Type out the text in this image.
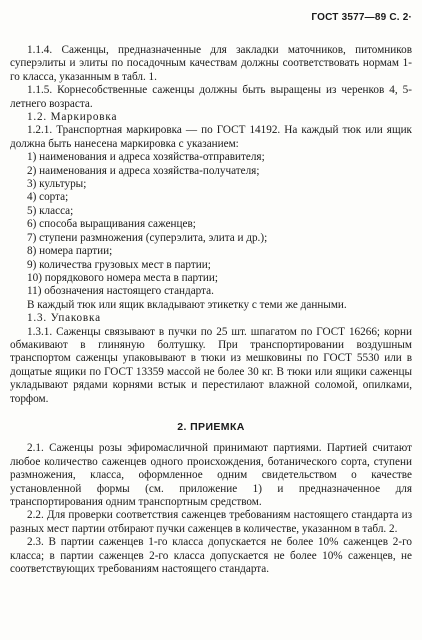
ГОСТ 3577—89 С. 2·

1.1.4. Саженцы, предназначенные для закладки маточников, питомников суперэлиты и элиты по посадочным качествам должны соответствовать нормам 1-го класса, указанным в табл. 1.

1.1.5. Корнесобственные саженцы должны быть выращены из черенков 4, 5-летнего возраста.

1.2. Маркировка

1.2.1. Транспортная маркировка — по ГОСТ 14192. На каждый тюк или ящик должна быть нанесена маркировка с указанием:

1) наименования и адреса хозяйства-отправителя;
2) наименования и адреса хозяйства-получателя;
3) культуры;
4) сорта;
5) класса;
6) способа выращивания саженцев;
7) ступени размножения (суперэлита, элита и др.);
8) номера партии;
9) количества грузовых мест в партии;
10) порядкового номера места в партии;
11) обозначения настоящего стандарта.

В каждый тюк или ящик вкладывают этикетку с теми же данными.

1.3. Упаковка

1.3.1. Саженцы связывают в пучки по 25 шт. шпагатом по ГОСТ 16266; корни обмакивают в глиняную болтушку. При транспортировании воздушным транспортом саженцы упаковывают в тюки из мешковины по ГОСТ 5530 или в дощатые ящики по ГОСТ 13359 массой не более 30 кг. В тюки или ящики саженцы укладывают рядами корнями встык и перестилают влажной соломой, опилками, торфом.

2. ПРИЕМКА

2.1. Саженцы розы эфиромасличной принимают партиями. Партией считают любое количество саженцев одного происхождения, ботанического сорта, ступени размножения, класса, оформленное одним свидетельством о качестве установленной формы (см. приложение 1) и предназначенное для транспортирования одним транспортным средством.

2.2. Для проверки соответствия саженцев требованиям настоящего стандарта из разных мест партии отбирают пучки саженцев в количестве, указанном в табл. 2.

2.3. В партии саженцев 1-го класса допускается не более 10% саженцев 2-го класса; в партии саженцев 2-го класса допускается не более 10% саженцев, не соответствующих требованиям настоящего стандарта.
